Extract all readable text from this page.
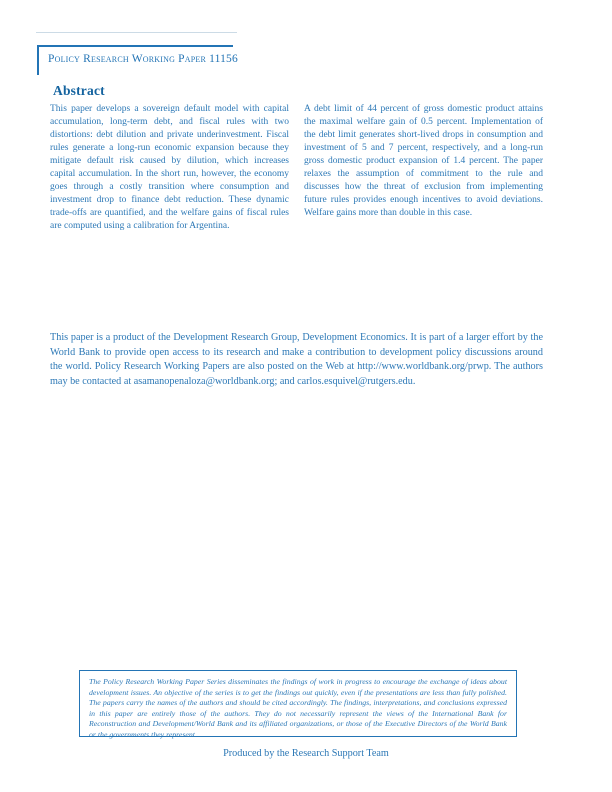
Policy Research Working Paper 11156
Abstract

This paper develops a sovereign default model with capital accumulation, long-term debt, and fiscal rules with two distortions: debt dilution and private underinvestment. Fiscal rules generate a long-run economic expansion because they mitigate default risk caused by dilution, which increases capital accumulation. In the short run, however, the economy goes through a costly transition where consumption and investment drop to finance debt reduction. These dynamic trade-offs are quantified, and the welfare gains of fiscal rules are computed using a calibration for Argentina.

A debt limit of 44 percent of gross domestic product attains the maximal welfare gain of 0.5 percent. Implementation of the debt limit generates short-lived drops in consumption and investment of 5 and 7 percent, respectively, and a long-run gross domestic product expansion of 1.4 percent. The paper relaxes the assumption of commitment to the rule and discusses how the threat of exclusion from implementing future rules provides enough incentives to avoid deviations. Welfare gains more than double in this case.

This paper is a product of the Development Research Group, Development Economics. It is part of a larger effort by the World Bank to provide open access to its research and make a contribution to development policy discussions around the world. Policy Research Working Papers are also posted on the Web at http://www.worldbank.org/prwp. The authors may be contacted at asamanopenaloza@worldbank.org; and carlos.esquivel@rutgers.edu.

The Policy Research Working Paper Series disseminates the findings of work in progress to encourage the exchange of ideas about development issues. An objective of the series is to get the findings out quickly, even if the presentations are less than fully polished. The papers carry the names of the authors and should be cited accordingly. The findings, interpretations, and conclusions expressed in this paper are entirely those of the authors. They do not necessarily represent the views of the International Bank for Reconstruction and Development/World Bank and its affiliated organizations, or those of the Executive Directors of the World Bank or the governments they represent.

Produced by the Research Support Team
